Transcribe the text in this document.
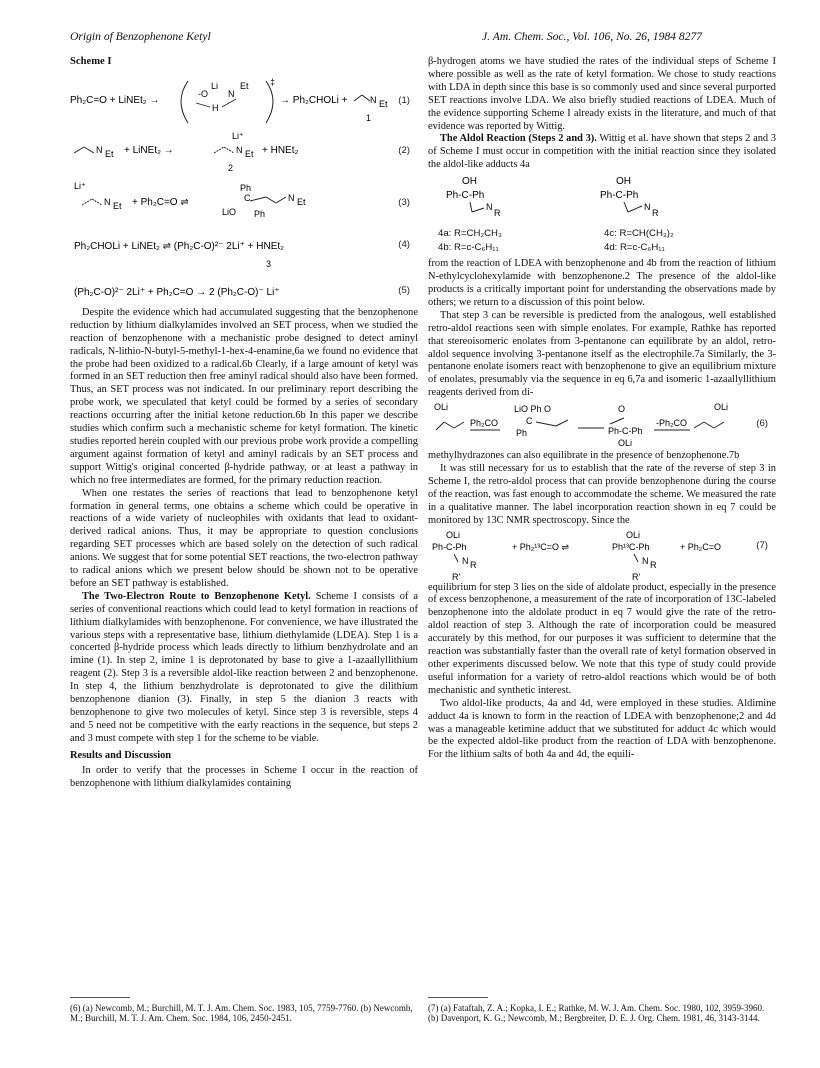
Origin of Benzophenone Ketyl	J. Am. Chem. Soc., Vol. 106, No. 26, 1984 8277
Scheme I
Ph₂C=O + LiNEt₂ →
‡
-O
Li
N
Et
H
→ Ph₂CHOLi + N Et
1
(1)
N Et + LiNEt₂ →
Li⁺
N Et + HNEt₂
2
(2)
Li⁺
N Et + Ph₂C=O ⇌
Ph
C
LiO Ph
N Et	(3)
Ph₂CHOLi + LiNEt₂ ⇌ (Ph₂C-O)²⁻ 2Li⁺ + HNEt₂
3
(4)
(Ph₂C-O)²⁻ 2Li⁺ + Ph₂C=O → 2 (Ph₂C-O)⁻ Li⁺	(5)

Despite the evidence which had accumulated suggesting that the benzophenone reduction by lithium dialkylamides involved an SET process, when we studied the reaction of benzophenone with a mechanistic probe designed to detect aminyl radicals, N-lithio-N-butyl-5-methyl-1-hex-4-enamine,6a we found no evidence that the probe had been oxidized to a radical.6b Clearly, if a large amount of ketyl was formed in an SET reduction then free aminyl radical should also have been formed. Thus, an SET process was not indicated. In our preliminary report describing the probe work, we speculated that ketyl could be formed by a series of secondary reactions occurring after the initial ketone reduction.6b In this paper we describe studies which confirm such a mechanistic scheme for ketyl formation. The kinetic studies reported herein coupled with our previous probe work provide a compelling argument against formation of ketyl and aminyl radicals by an SET process and support Wittig's original concerted β-hydride pathway, or at least a pathway in which no free intermediates are formed, for the primary reduction reaction.

When one restates the series of reactions that lead to benzophenone ketyl formation in general terms, one obtains a scheme which could be operative in reactions of a wide variety of nucleophiles with oxidants that lead to oxidant-derived radical anions. Thus, it may be appropriate to question conclusions regarding SET processes which are based solely on the detection of such radical anions. We suggest that for some potential SET reactions, the two-electron pathway to radical anions which we present below should be shown not to be operative before an SET pathway is established.

The Two-Electron Route to Benzophenone Ketyl. Scheme I consists of a series of conventional reactions which could lead to ketyl formation in reactions of lithium dialkylamides with benzophenone. For convenience, we have illustrated the various steps with a representative base, lithium diethylamide (LDEA). Step 1 is a concerted β-hydride process which leads directly to lithium benzhydrolate and an imine (1). In step 2, imine 1 is deprotonated by base to give a 1-azaallyllithium reagent (2). Step 3 is a reversible aldol-like reaction between 2 and benzophenone. In step 4, the lithium benzhydrolate is deprotonated to give the dilithium benzophenone dianion (3). Finally, in step 5 the dianion 3 reacts with benzophenone to give two molecules of ketyl. Since step 3 is reversible, steps 4 and 5 need not be competitive with the early reactions in the sequence, but steps 2 and 3 must compete with step 1 for the scheme to be viable.

Results and Discussion

In order to verify that the processes in Scheme I occur in the reaction of benzophenone with lithium dialkylamides containing

β-hydrogen atoms we have studied the rates of the individual steps of Scheme I where possible as well as the rate of ketyl formation. We chose to study reactions with LDA in depth since this base is so commonly used and since several purported SET reactions involve LDA. We also briefly studied reactions of LDEA. Much of the evidence supporting Scheme I already exists in the literature, and much of that evidence was reported by Wittig.

The Aldol Reaction (Steps 2 and 3). Wittig et al. have shown that steps 2 and 3 of Scheme I must occur in competition with the initial reaction since they isolated the aldol-like adducts 4a

OH
Ph-C-Ph
N
R
OH
Ph-C-Ph
N
R
4a: R=CH₂CH₃
4b: R=c-C₆H₁₁
4c: R=CH(CH₃)₂
4d: R=c-C₆H₁₁

from the reaction of LDEA with benzophenone and 4b from the reaction of lithium N-ethylcyclohexylamide with benzophenone.2 The presence of the aldol-like products is a critically important point for understanding the observations made by others; we return to a discussion of this point below.

That step 3 can be reversible is predicted from the analogous, well established retro-aldol reactions seen with simple enolates. For example, Rathke has reported that stereoisomeric enolates from 3-pentanone can equilibrate by an aldol, retro-aldol sequence involving 3-pentanone itself as the electrophile.7a Similarly, the 3-pentanone enolate isomers react with benzophenone to give an equilibrium mixture of enolates, presumably via the sequence in eq 6,7a and isomeric 1-azaallyllithium reagents derived from di-

OLi
Ph₂CO
LiO Ph O
C
Ph
O
Ph-C-Ph
OLi
-Ph₂CO
OLi
(6)

methylhydrazones can also equilibrate in the presence of benzophenone.7b

It was still necessary for us to establish that the rate of the reverse of step 3 in Scheme I, the retro-aldol process that can provide benzophenone during the course of the reaction, was fast enough to accommodate the scheme. We measured the rate in a qualitative manner. The label incorporation reaction shown in eq 7 could be monitored by 13C NMR spectroscopy. Since the

OLi
Ph-C-Ph
N R
R'
+ Ph₂¹³C=O ⇌
OLi
Ph¹³C-Ph
N R
R'
+ Ph₂C=O	(7)

equilibrium for step 3 lies on the side of aldolate product, especially in the presence of excess benzophenone, a measurement of the rate of incorporation of 13C-labeled benzophenone into the aldolate product in eq 7 would give the rate of the retro-aldol reaction of step 3. Although the rate of incorporation could be measured accurately by this method, for our purposes it was sufficient to determine that the reaction was substantially faster than the overall rate of ketyl formation observed in other experiments discussed below. We note that this type of study could provide useful information for a variety of retro-aldol reactions which would be of both mechanistic and synthetic interest.

Two aldol-like products, 4a and 4d, were employed in these studies. Aldimine adduct 4a is known to form in the reaction of LDEA with benzophenone;2 and 4d was a manageable ketimine adduct that we substituted for adduct 4c which would be the expected aldol-like product from the reaction of LDA with benzophenone. For the lithium salts of both 4a and 4d, the equili-

(6) (a) Newcomb, M.; Burchill, M. T. J. Am. Chem. Soc. 1983, 105, 7759-7760. (b) Newcomb, M.; Burchill, M. T. J. Am. Chem. Soc. 1984, 106, 2450-2451.
(7) (a) Fataftah, Z. A.; Kopka, I. E.; Rathke, M. W. J. Am. Chem. Soc. 1980, 102, 3959-3960. (b) Davenport, K. G.; Newcomb, M.; Bergbreiter, D. E. J. Org. Chem. 1981, 46, 3143-3144.
